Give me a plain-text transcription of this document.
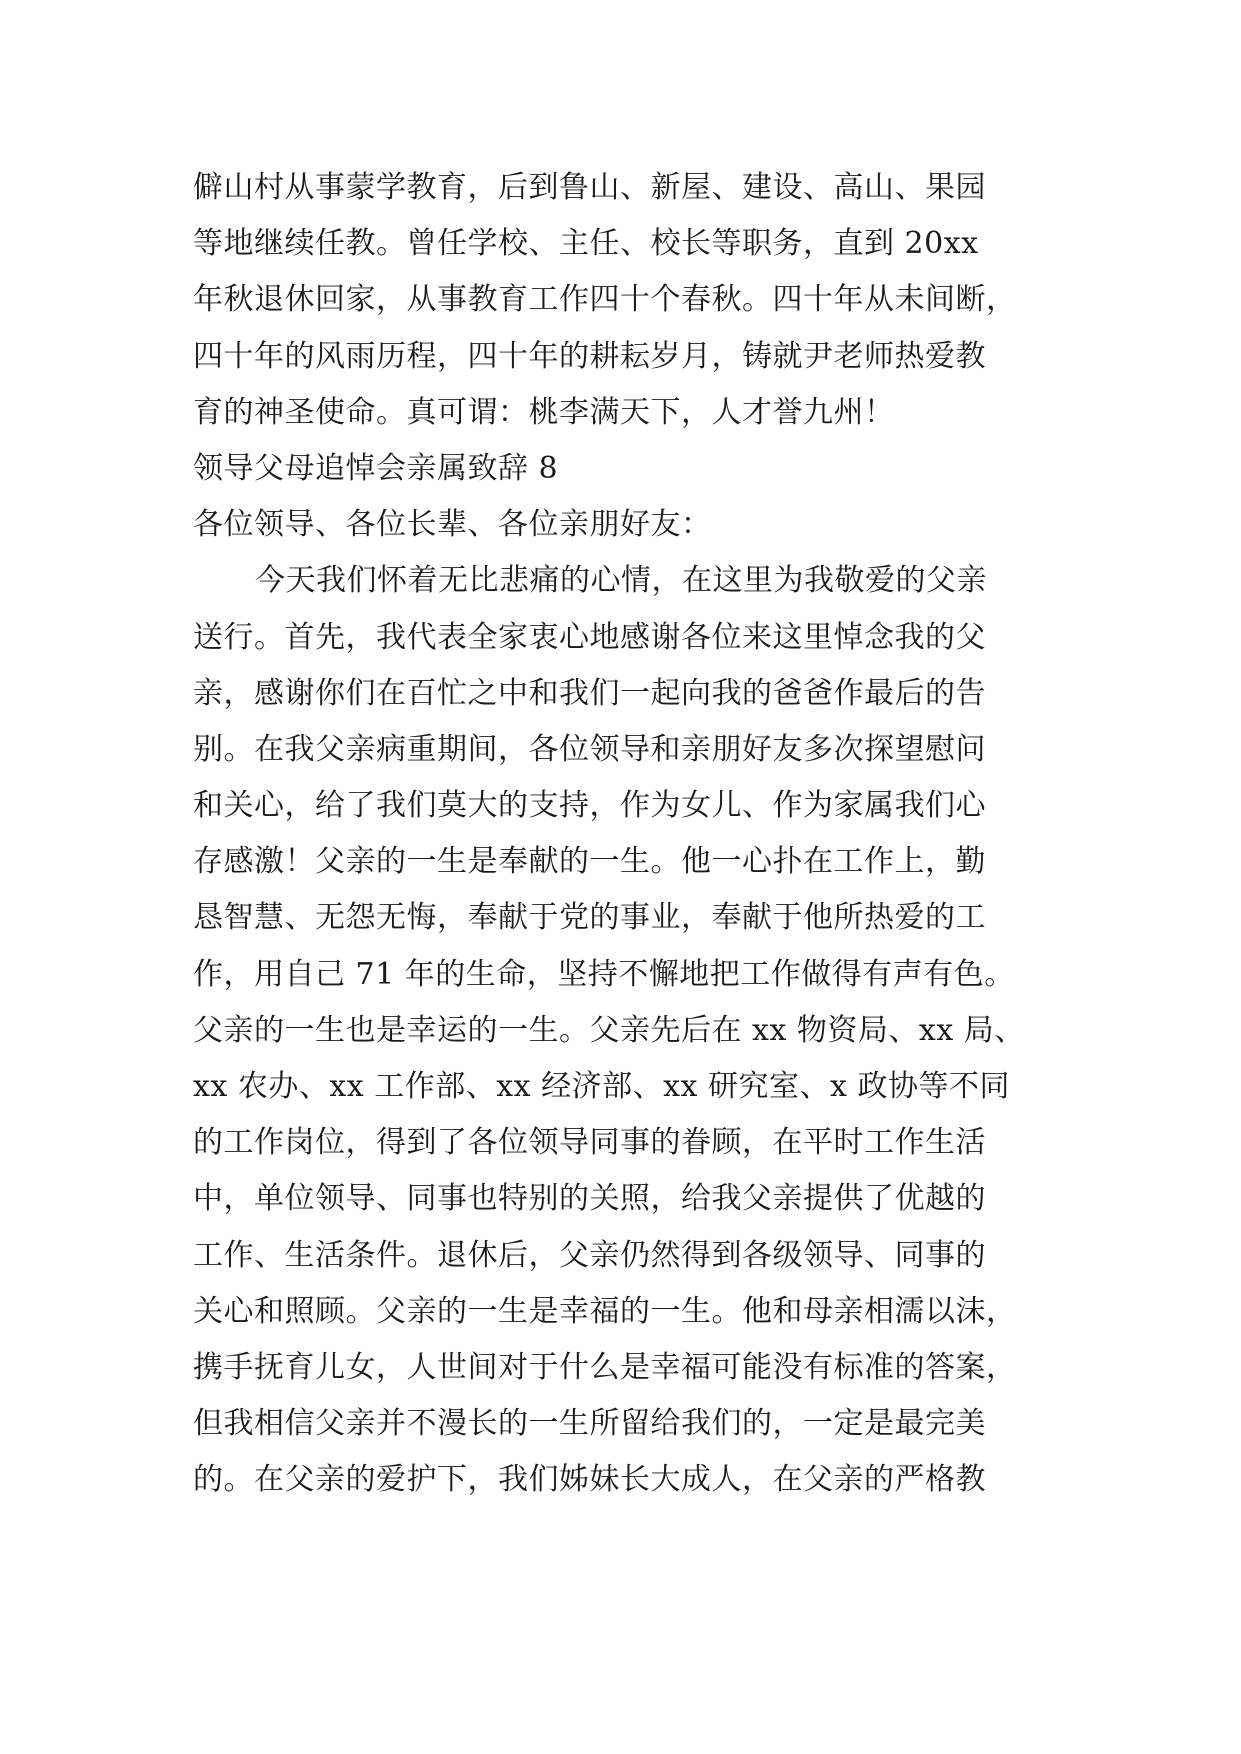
僻山村从事蒙学教育，后到鲁山、新屋、建设、高山、果园
等地继续任教。曾任学校、主任、校长等职务，直到 20xx
年秋退休回家，从事教育工作四十个春秋。四十年从未间断，
四十年的风雨历程，四十年的耕耘岁月，铸就尹老师热爱教
育的神圣使命。真可谓：桃李满天下，人才誉九州！
领导父母追悼会亲属致辞 8
各位领导、各位长辈、各位亲朋好友：
今天我们怀着无比悲痛的心情，在这里为我敬爱的父亲
送行。首先，我代表全家衷心地感谢各位来这里悼念我的父
亲，感谢你们在百忙之中和我们一起向我的爸爸作最后的告
别。在我父亲病重期间，各位领导和亲朋好友多次探望慰问
和关心，给了我们莫大的支持，作为女儿、作为家属我们心
存感激！父亲的一生是奉献的一生。他一心扑在工作上，勤
恳智慧、无怨无悔，奉献于党的事业，奉献于他所热爱的工
作，用自己 71 年的生命，坚持不懈地把工作做得有声有色。
父亲的一生也是幸运的一生。父亲先后在 xx 物资局、xx 局、
xx 农办、xx 工作部、xx 经济部、xx 研究室、x 政协等不同
的工作岗位，得到了各位领导同事的眷顾，在平时工作生活
中，单位领导、同事也特别的关照，给我父亲提供了优越的
工作、生活条件。退休后，父亲仍然得到各级领导、同事的
关心和照顾。父亲的一生是幸福的一生。他和母亲相濡以沫，
携手抚育儿女，人世间对于什么是幸福可能没有标准的答案，
但我相信父亲并不漫长的一生所留给我们的，一定是最完美
的。在父亲的爱护下，我们姊妹长大成人，在父亲的严格教
